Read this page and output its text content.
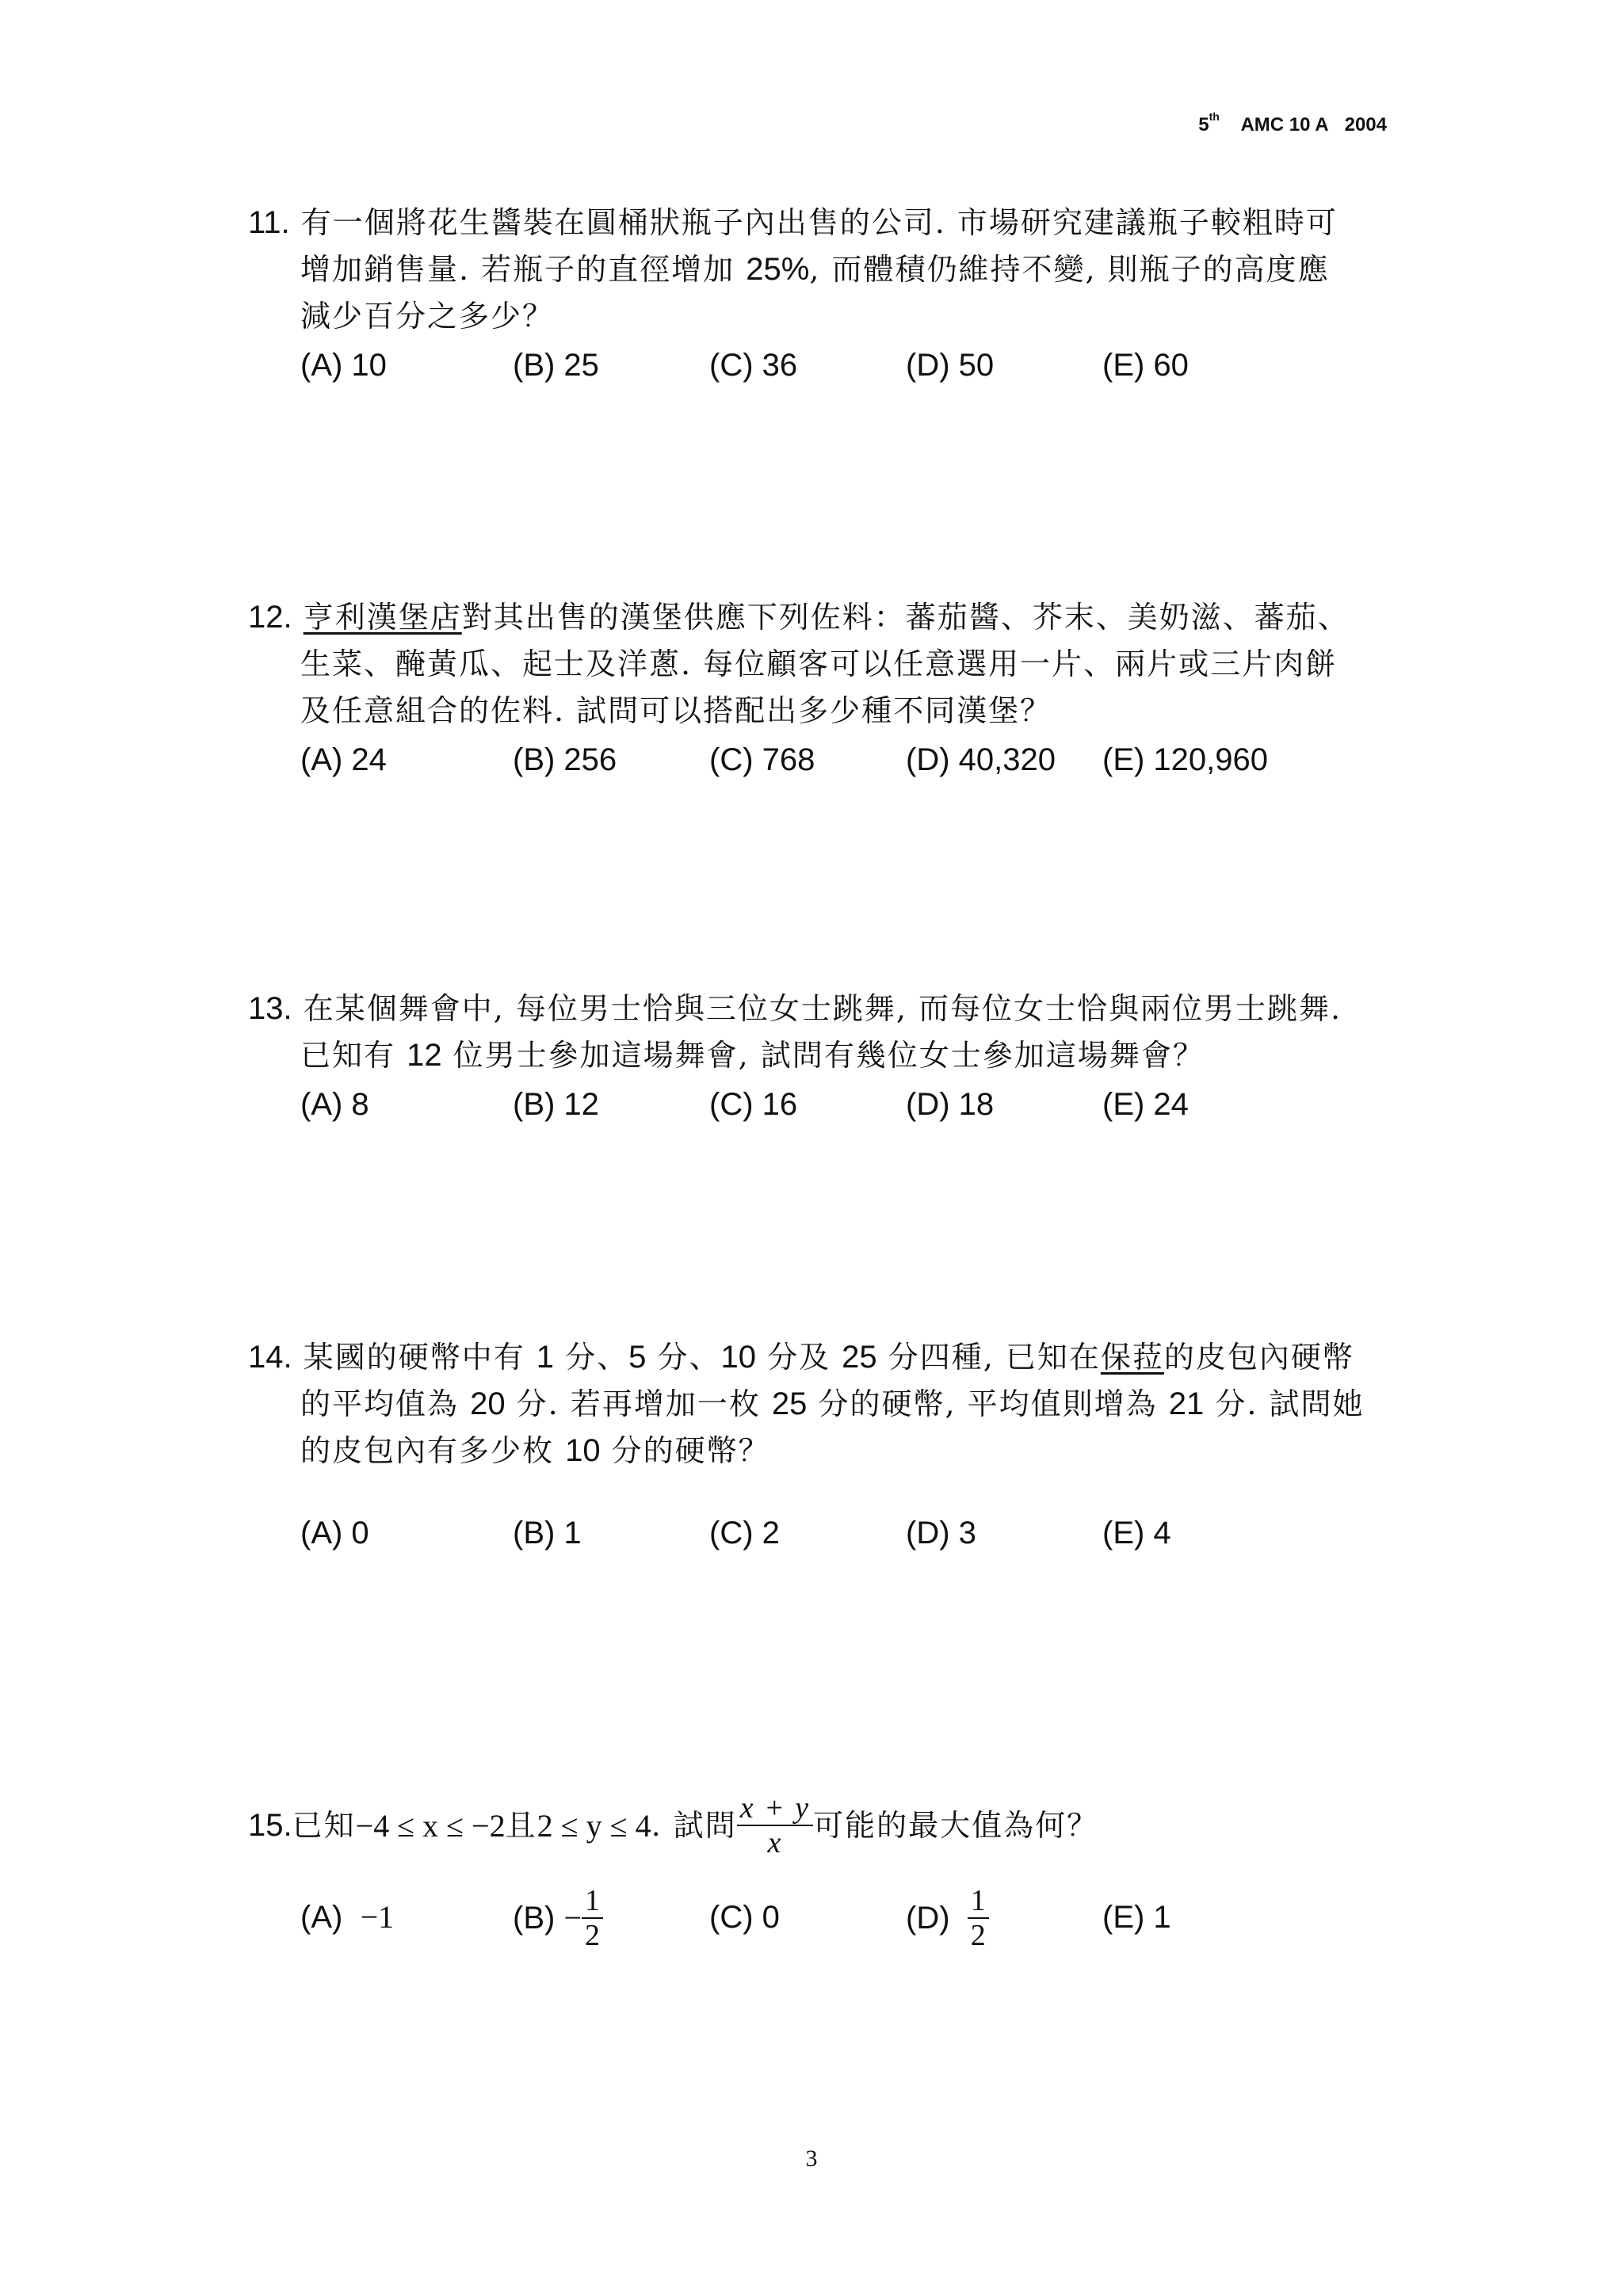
5th AMC 10 A 2004
11. 有一個將花生醬裝在圓桶狀瓶子內出售的公司. 市場研究建議瓶子較粗時可
增加銷售量. 若瓶子的直徑增加 25%, 而體積仍維持不變, 則瓶子的高度應
減少百分之多少？
(A) 10	(B) 25	(C) 36	(D) 50	(E) 60
12. 亨利漢堡店對其出售的漢堡供應下列佐料：蕃茄醬、芥末、美奶滋、蕃茄、
生菜、醃黃瓜、起士及洋蔥. 每位顧客可以任意選用一片、兩片或三片肉餅
及任意組合的佐料. 試問可以搭配出多少種不同漢堡？
(A) 24	(B) 256	(C) 768	(D) 40,320 (E) 120,960
13. 在某個舞會中, 每位男士恰與三位女士跳舞, 而每位女士恰與兩位男士跳舞.
已知有 12 位男士參加這場舞會, 試問有幾位女士參加這場舞會？
(A) 8	(B) 12	(C) 16	(D) 18	(E) 24
14. 某國的硬幣中有 1 分、5 分、10 分及 25 分四種, 已知在保菈的皮包內硬幣
的平均值為 20 分. 若再增加一枚 25 分的硬幣, 平均值則增為 21 分. 試問她
的皮包內有多少枚 10 分的硬幣？
(A) 0	(B) 1	(C) 2	(D) 3	(E) 4
15. 已知 −4 ≤ x ≤ −2 且 2 ≤ y ≤ 4 . 試問 $\frac{x + y}{x}$ 可能的最大值為何？
(A) −1	(B)
− $\frac{1}{2}$	(C) 0	(D)
$\frac{1}{2}$	(E) 1
3
